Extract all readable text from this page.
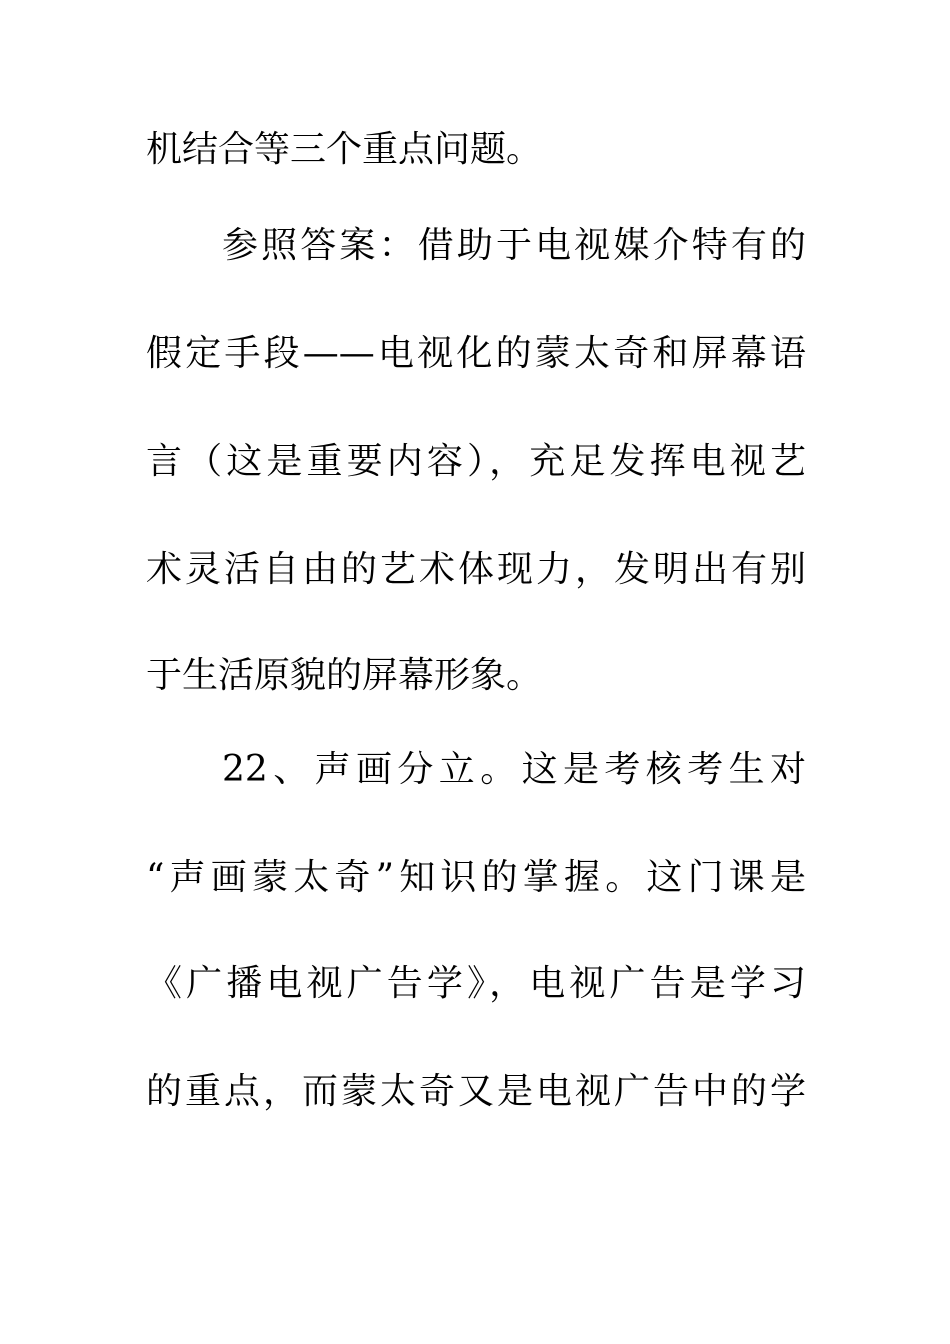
机结合等三个重点问题。
参照答案：借助于电视媒介特有的
假定手段——电视化的蒙太奇和屏幕语
言（这是重要内容），充足发挥电视艺
术灵活自由的艺术体现力，发明出有别
于生活原貌的屏幕形象。
22、声画分立。这是考核考生对
“声画蒙太奇”知识的掌握。这门课是
《广播电视广告学》，电视广告是学习
的重点，而蒙太奇又是电视广告中的学
